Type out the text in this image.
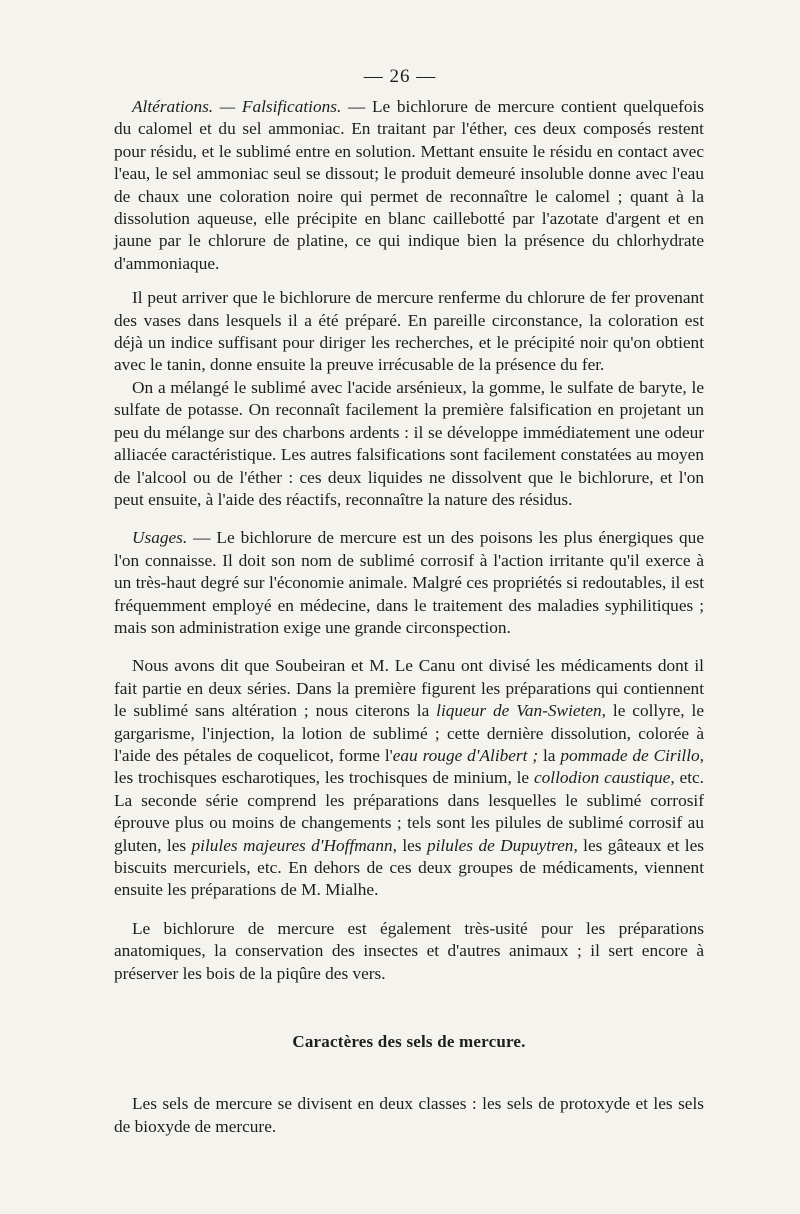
— 26 —

Altérations. — Falsifications. — Le bichlorure de mercure contient quelquefois du calomel et du sel ammoniac. En traitant par l'éther, ces deux composés restent pour résidu, et le sublimé entre en solution. Mettant ensuite le résidu en contact avec l'eau, le sel ammoniac seul se dissout; le produit demeuré insoluble donne avec l'eau de chaux une coloration noire qui permet de reconnaître le calomel ; quant à la dissolution aqueuse, elle précipite en blanc caillebotté par l'azotate d'argent et en jaune par le chlorure de platine, ce qui indique bien la présence du chlorhydrate d'ammoniaque.

Il peut arriver que le bichlorure de mercure renferme du chlorure de fer provenant des vases dans lesquels il a été préparé. En pareille circonstance, la coloration est déjà un indice suffisant pour diriger les recherches, et le précipité noir qu'on obtient avec le tanin, donne ensuite la preuve irrécusable de la présence du fer.

On a mélangé le sublimé avec l'acide arsénieux, la gomme, le sulfate de baryte, le sulfate de potasse. On reconnaît facilement la première falsification en projetant un peu du mélange sur des charbons ardents : il se développe immédiatement une odeur alliacée caractéristique. Les autres falsifications sont facilement constatées au moyen de l'alcool ou de l'éther : ces deux liquides ne dissolvent que le bichlorure, et l'on peut ensuite, à l'aide des réactifs, reconnaître la nature des résidus.

Usages. — Le bichlorure de mercure est un des poisons les plus énergiques que l'on connaisse. Il doit son nom de sublimé corrosif à l'action irritante qu'il exerce à un très-haut degré sur l'économie animale. Malgré ces propriétés si redoutables, il est fréquemment employé en médecine, dans le traitement des maladies syphilitiques ; mais son administration exige une grande circonspection.

Nous avons dit que Soubeiran et M. Le Canu ont divisé les médicaments dont il fait partie en deux séries. Dans la première figurent les préparations qui contiennent le sublimé sans altération ; nous citerons la liqueur de Van-Swieten, le collyre, le gargarisme, l'injection, la lotion de sublimé ; cette dernière dissolution, colorée à l'aide des pétales de coquelicot, forme l'eau rouge d'Alibert ; la pommade de Cirillo, les trochisques escharotiques, les trochisques de minium, le collodion caustique, etc. La seconde série comprend les préparations dans lesquelles le sublimé corrosif éprouve plus ou moins de changements ; tels sont les pilules de sublimé corrosif au gluten, les pilules majeures d'Hoffmann, les pilules de Dupuytren, les gâteaux et les biscuits mercuriels, etc. En dehors de ces deux groupes de médicaments, viennent ensuite les préparations de M. Mialhe.

Le bichlorure de mercure est également très-usité pour les préparations anatomiques, la conservation des insectes et d'autres animaux ; il sert encore à préserver les bois de la piqûre des vers.

Caractères des sels de mercure.

Les sels de mercure se divisent en deux classes : les sels de protoxyde et les sels de bioxyde de mercure.
